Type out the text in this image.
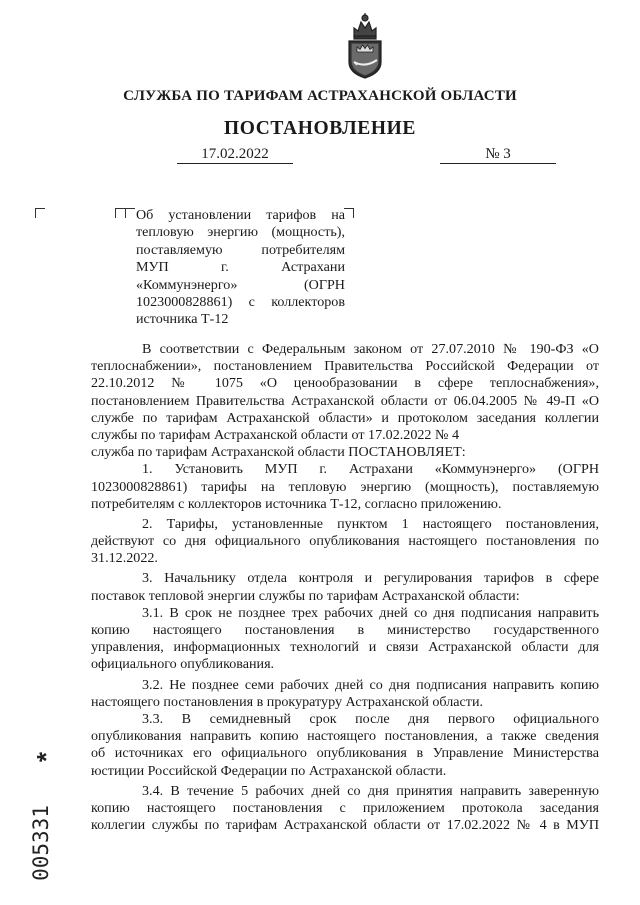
СЛУЖБА ПО ТАРИФАМ АСТРАХАНСКОЙ ОБЛАСТИ
ПОСТАНОВЛЕНИЕ
17.02.2022	№ 3
Об установлении тарифов на
тепловую энергию (мощность),
поставляемую потребителям
МУП г. Астрахани
«Коммунэнерго» (ОГРН
1023000828861) с коллекторов
источника Т-12
В соответствии с Федеральным законом от 27.07.2010 № 190-ФЗ «О
теплоснабжении», постановлением Правительства Российской Федерации от
22.10.2012 № 1075 «О ценообразовании в сфере теплоснабжения»,
постановлением Правительства Астраханской области от 06.04.2005 № 49-П «О
службе по тарифам Астраханской области» и протоколом заседания коллегии
службы по тарифам Астраханской области от 17.02.2022 № 4
служба по тарифам Астраханской области ПОСТАНОВЛЯЕТ:
1. Установить МУП г. Астрахани «Коммунэнерго» (ОГРН
1023000828861) тарифы на тепловую энергию (мощность), поставляемую
потребителям с коллекторов источника Т-12, согласно приложению.
2. Тарифы, установленные пунктом 1 настоящего постановления,
действуют со дня официального опубликования настоящего постановления по
31.12.2022.
3. Начальнику отдела контроля и регулирования тарифов в сфере
поставок тепловой энергии службы по тарифам Астраханской области:
3.1. В срок не позднее трех рабочих дней со дня подписания направить
копию настоящего постановления в министерство государственного
управления, информационных технологий и связи Астраханской области для
официального опубликования.
3.2. Не позднее семи рабочих дней со дня подписания направить копию
настоящего постановления в прокуратуру Астраханской области.
3.3. В семидневный срок после дня первого официального
опубликования направить копию настоящего постановления, а также сведения
об источниках его официального опубликования в Управление Министерства
юстиции Российской Федерации по Астраханской области.
3.4. В течение 5 рабочих дней со дня принятия направить заверенную
копию настоящего постановления с приложением протокола заседания
коллегии службы по тарифам Астраханской области от 17.02.2022 № 4 в МУП
*
005331
